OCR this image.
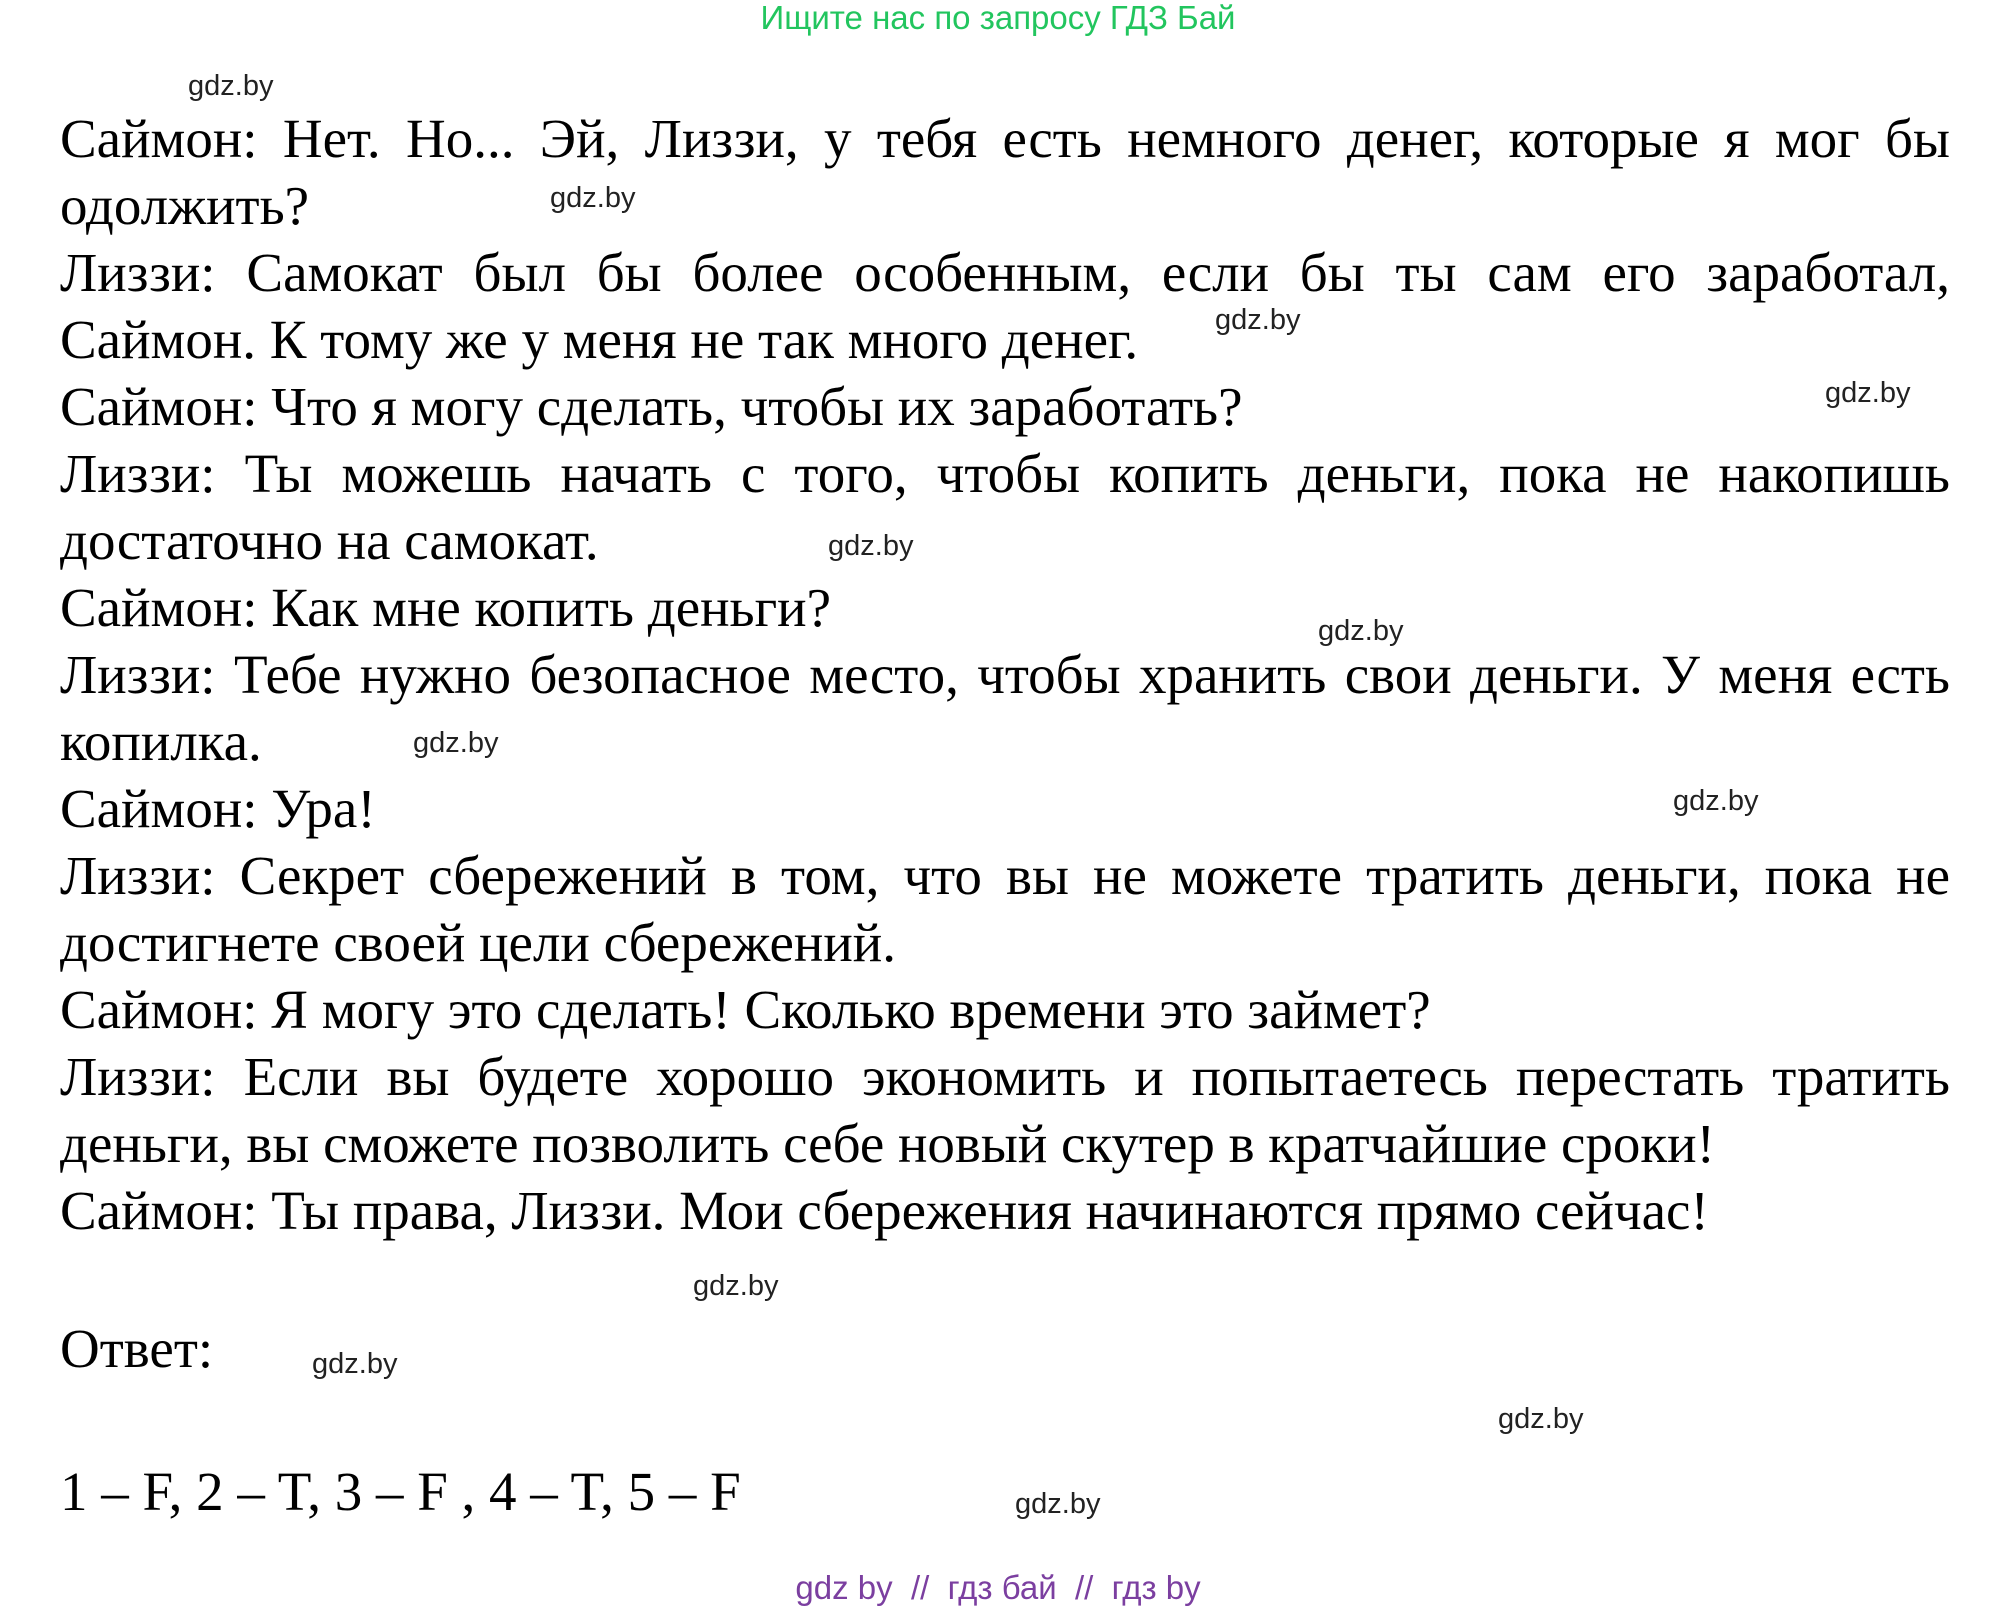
Ищите нас по запросу ГДЗ Бай

Саймон: Нет. Но... Эй, Лиззи, у тебя есть немного денег, которые я мог бы одолжить?

Лиззи: Самокат был бы более особенным, если бы ты сам его заработал, Саймон. К тому же у меня не так много денег.

Саймон: Что я могу сделать, чтобы их заработать?

Лиззи: Ты можешь начать с того, чтобы копить деньги, пока не накопишь достаточно на самокат.

Саймон: Как мне копить деньги?

Лиззи: Тебе нужно безопасное место, чтобы хранить свои деньги. У меня есть копилка.

Саймон: Ура!

Лиззи: Секрет сбережений в том, что вы не можете тратить деньги, пока не достигнете своей цели сбережений.

Саймон: Я могу это сделать! Сколько времени это займет?

Лиззи: Если вы будете хорошо экономить и попытаетесь перестать тратить деньги, вы сможете позволить себе новый скутер в кратчайшие сроки!

Саймон: Ты права, Лиззи. Мои сбережения начинаются прямо сейчас!

Ответ:
1 – F, 2 – T, 3 – F , 4 – T, 5 – F
gdz.by
gdz.by
gdz.by
gdz.by
gdz.by
gdz.by
gdz.by
gdz.by
gdz.by
gdz.by
gdz.by
gdz.by
gdz by  //  гдз бай  //  гдз by
